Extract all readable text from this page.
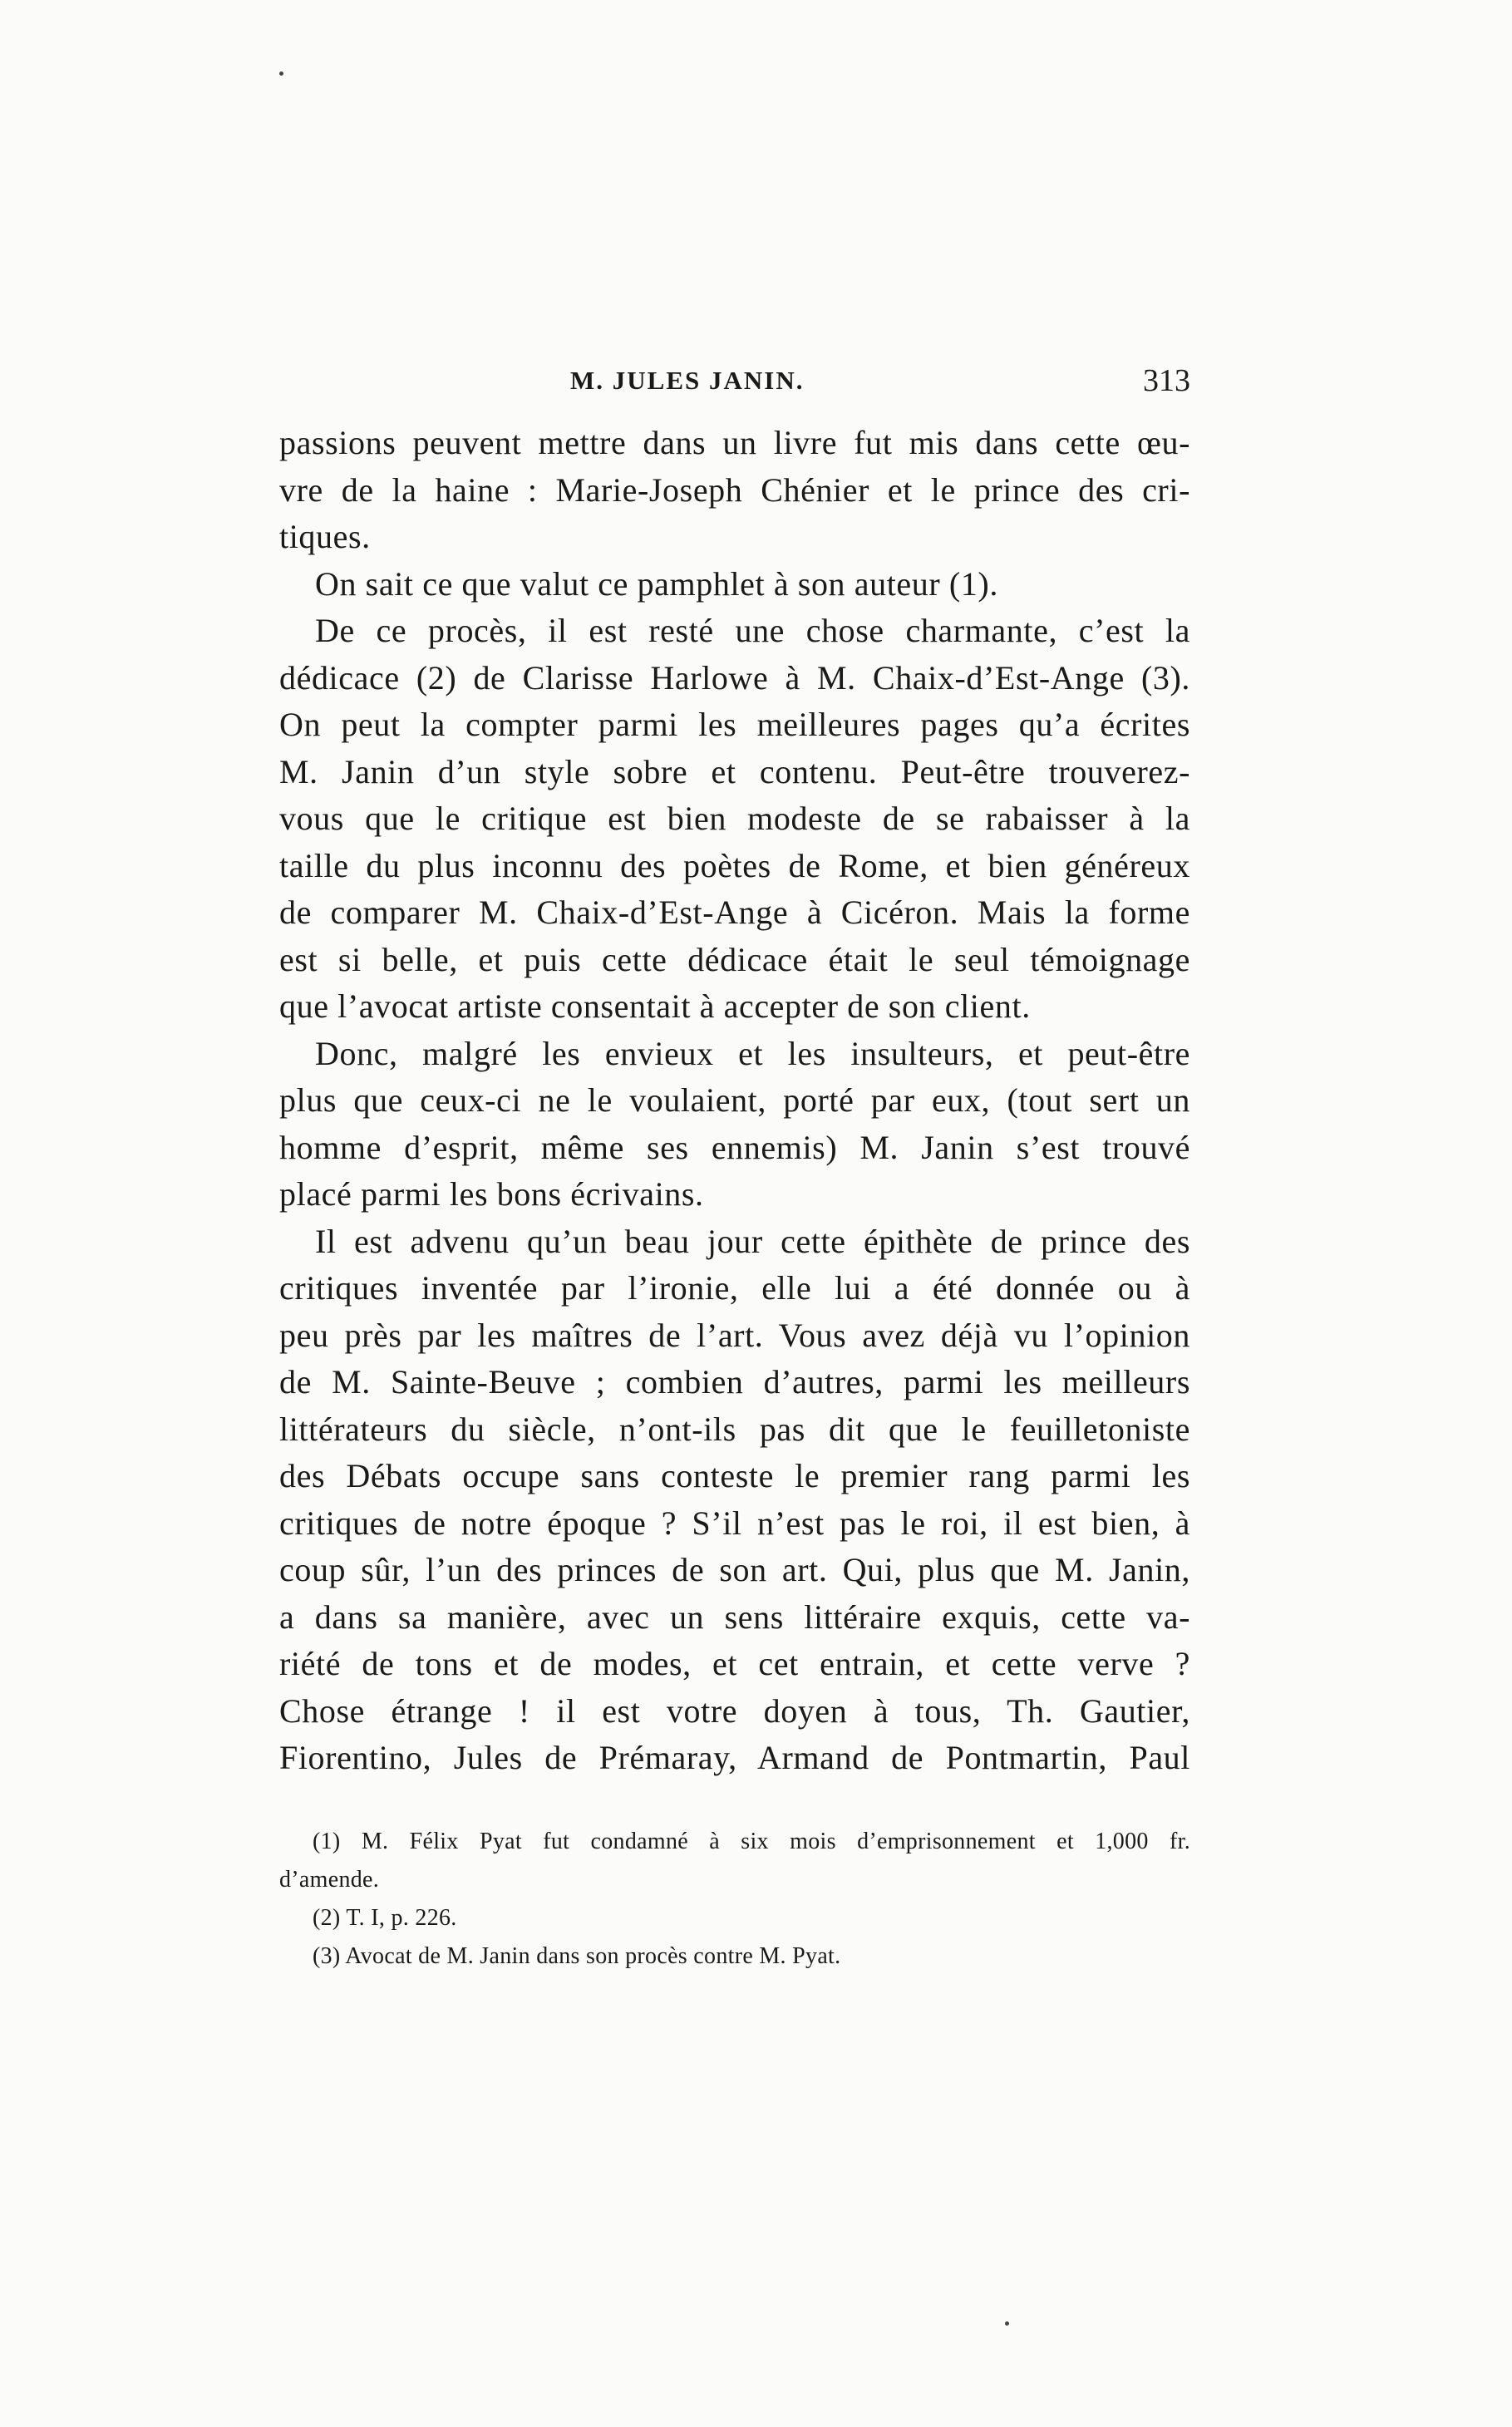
M. JULES JANIN.	313
passions peuvent mettre dans un livre fut mis dans cette œu-
vre de la haine : Marie-Joseph Chénier et le prince des cri-
tiques.
On sait ce que valut ce pamphlet à son auteur (1).
De ce procès, il est resté une chose charmante, c’est la
dédicace (2) de Clarisse Harlowe à M. Chaix-d’Est-Ange (3).
On peut la compter parmi les meilleures pages qu’a écrites
M. Janin d’un style sobre et contenu. Peut-être trouverez-
vous que le critique est bien modeste de se rabaisser à la
taille du plus inconnu des poètes de Rome, et bien généreux
de comparer M. Chaix-d’Est-Ange à Cicéron. Mais la forme
est si belle, et puis cette dédicace était le seul témoignage
que l’avocat artiste consentait à accepter de son client.
Donc, malgré les envieux et les insulteurs, et peut-être
plus que ceux-ci ne le voulaient, porté par eux, (tout sert un
homme d’esprit, même ses ennemis) M. Janin s’est trouvé
placé parmi les bons écrivains.
Il est advenu qu’un beau jour cette épithète de prince des
critiques inventée par l’ironie, elle lui a été donnée ou à
peu près par les maîtres de l’art. Vous avez déjà vu l’opinion
de M. Sainte-Beuve ; combien d’autres, parmi les meilleurs
littérateurs du siècle, n’ont-ils pas dit que le feuilletoniste
des Débats occupe sans conteste le premier rang parmi les
critiques de notre époque ? S’il n’est pas le roi, il est bien, à
coup sûr, l’un des princes de son art. Qui, plus que M. Janin,
a dans sa manière, avec un sens littéraire exquis, cette va-
riété de tons et de modes, et cet entrain, et cette verve ?
Chose étrange ! il est votre doyen à tous, Th. Gautier,
Fiorentino, Jules de Prémaray, Armand de Pontmartin, Paul
(1) M. Félix Pyat fut condamné à six mois d’emprisonnement et 1,000 fr.
d’amende.
(2) T. I, p. 226.
(3) Avocat de M. Janin dans son procès contre M. Pyat.
